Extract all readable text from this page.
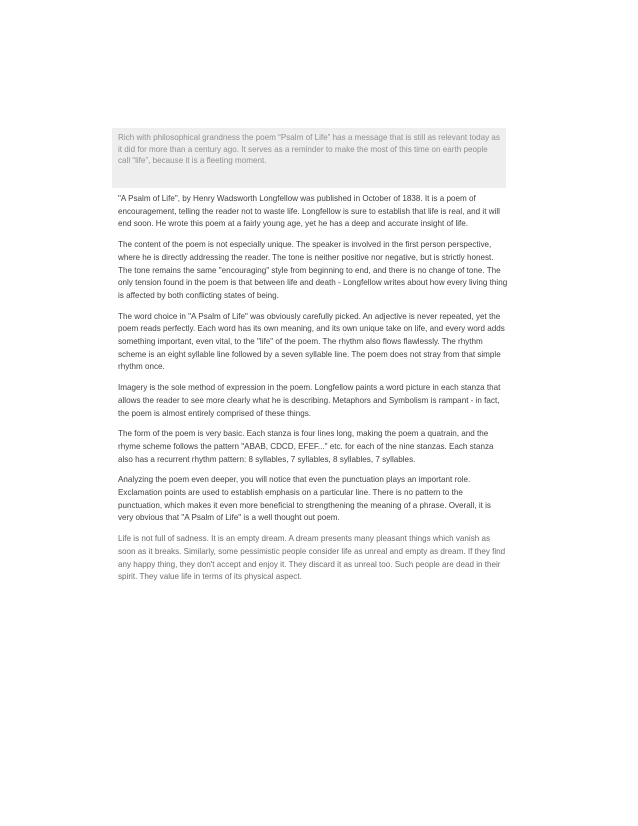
Rich with philosophical grandness the poem “Psalm of Life” has a message that is still as relevant today as it did for more than a century ago. It serves as a reminder to make the most of this time on earth people call “life”, because it is a fleeting moment.

"A Psalm of Life", by Henry Wadsworth Longfellow was published in October of 1838. It is a poem of encouragement, telling the reader not to waste life. Longfellow is sure to establish that life is real, and it will end soon. He wrote this poem at a fairly young age, yet he has a deep and accurate insight of life.

The content of the poem is not especially unique. The speaker is involved in the first person perspective, where he is directly addressing the reader. The tone is neither positive nor negative, but is strictly honest. The tone remains the same "encouraging" style from beginning to end, and there is no change of tone. The only tension found in the poem is that between life and death - Longfellow writes about how every living thing is affected by both conflicting states of being.

The word choice in "A Psalm of Life" was obviously carefully picked. An adjective is never repeated, yet the poem reads perfectly. Each word has its own meaning, and its own unique take on life, and every word adds something important, even vital, to the "life" of the poem. The rhythm also flows flawlessly. The rhythm scheme is an eight syllable line followed by a seven syllable line. The poem does not stray from that simple rhythm once.

Imagery is the sole method of expression in the poem. Longfellow paints a word picture in each stanza that allows the reader to see more clearly what he is describing. Metaphors and Symbolism is rampant - in fact, the poem is almost entirely comprised of these things.

The form of the poem is very basic. Each stanza is four lines long, making the poem a quatrain, and the rhyme scheme follows the pattern "ABAB, CDCD, EFEF..." etc. for each of the nine stanzas. Each stanza also has a recurrent rhythm pattern: 8 syllables, 7 syllables, 8 syllables, 7 syllables.

Analyzing the poem even deeper, you will notice that even the punctuation plays an important role. Exclamation points are used to establish emphasis on a particular line. There is no pattern to the punctuation, which makes it even more beneficial to strengthening the meaning of a phrase. Overall, it is very obvious that "A Psalm of Life" is a well thought out poem.

Life is not full of sadness. It is an empty dream. A dream presents many pleasant things which vanish as soon as it breaks. Similarly, some pessimistic people consider life as unreal and empty as dream. If they find any happy thing, they don't accept and enjoy it. They discard it as unreal too. Such people are dead in their spirit. They value life in terms of its physical aspect.
